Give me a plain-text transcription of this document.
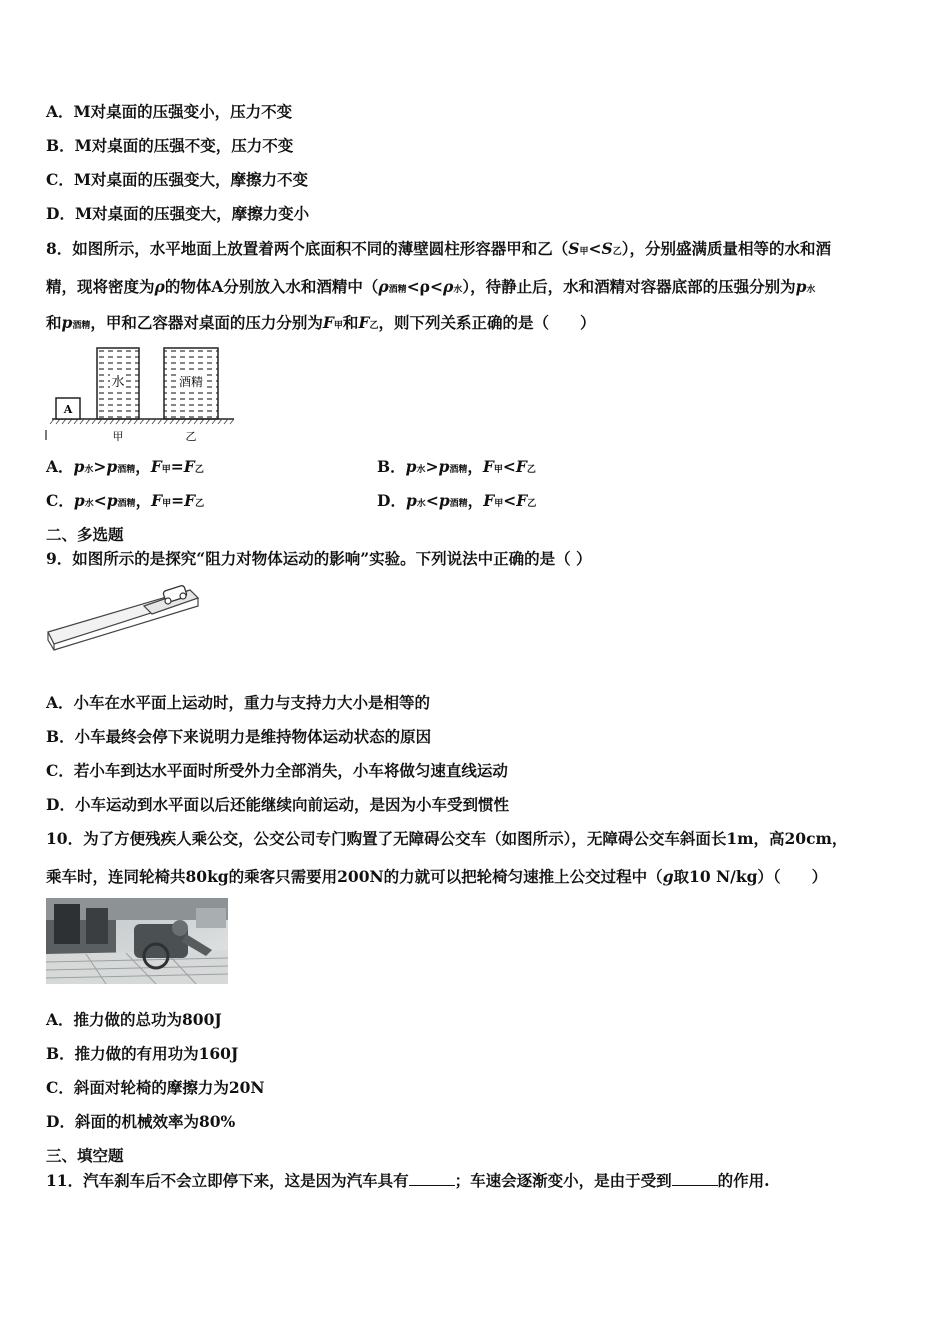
A．M对桌面的压强变小，压力不变
B．M对桌面的压强不变，压力不变
C．M对桌面的压强变大，摩擦力不变
D．M对桌面的压强变大，摩擦力变小
8．如图所示，水平地面上放置着两个底面积不同的薄壁圆柱形容器甲和乙（S甲<S乙），分别盛满质量相等的水和酒
精，现将密度为ρ的物体A分别放入水和酒精中（ρ酒精<ρ<ρ水），待静止后，水和酒精对容器底部的压强分别为p水
和p酒精，甲和乙容器对桌面的压力分别为F甲和F乙，则下列关系正确的是（　　）
A
水	酒精
甲	乙
A．p水>p酒精，F甲=F乙	B．p水>p酒精，F甲<F乙
C．p水<p酒精，F甲=F乙	D．p水<p酒精，F甲<F乙
二、多选题
9．如图所示的是探究“阻力对物体运动的影响”实验。下列说法中正确的是（ ）
A．小车在水平面上运动时，重力与支持力大小是相等的
B．小车最终会停下来说明力是维持物体运动状态的原因
C．若小车到达水平面时所受外力全部消失，小车将做匀速直线运动
D．小车运动到水平面以后还能继续向前运动，是因为小车受到惯性
10．为了方便残疾人乘公交，公交公司专门购置了无障碍公交车（如图所示），无障碍公交车斜面长1m，高20cm，
乘车时，连同轮椅共80kg的乘客只需要用200N的力就可以把轮椅匀速推上公交过程中（g取10 N/kg）（　　）
A．推力做的总功为800J
B．推力做的有用功为160J
C．斜面对轮椅的摩擦力为20N
D．斜面的机械效率为80%
三、填空题
11．汽车刹车后不会立即停下来，这是因为汽车具有	；车速会逐渐变小，是由于受到	的作用.
